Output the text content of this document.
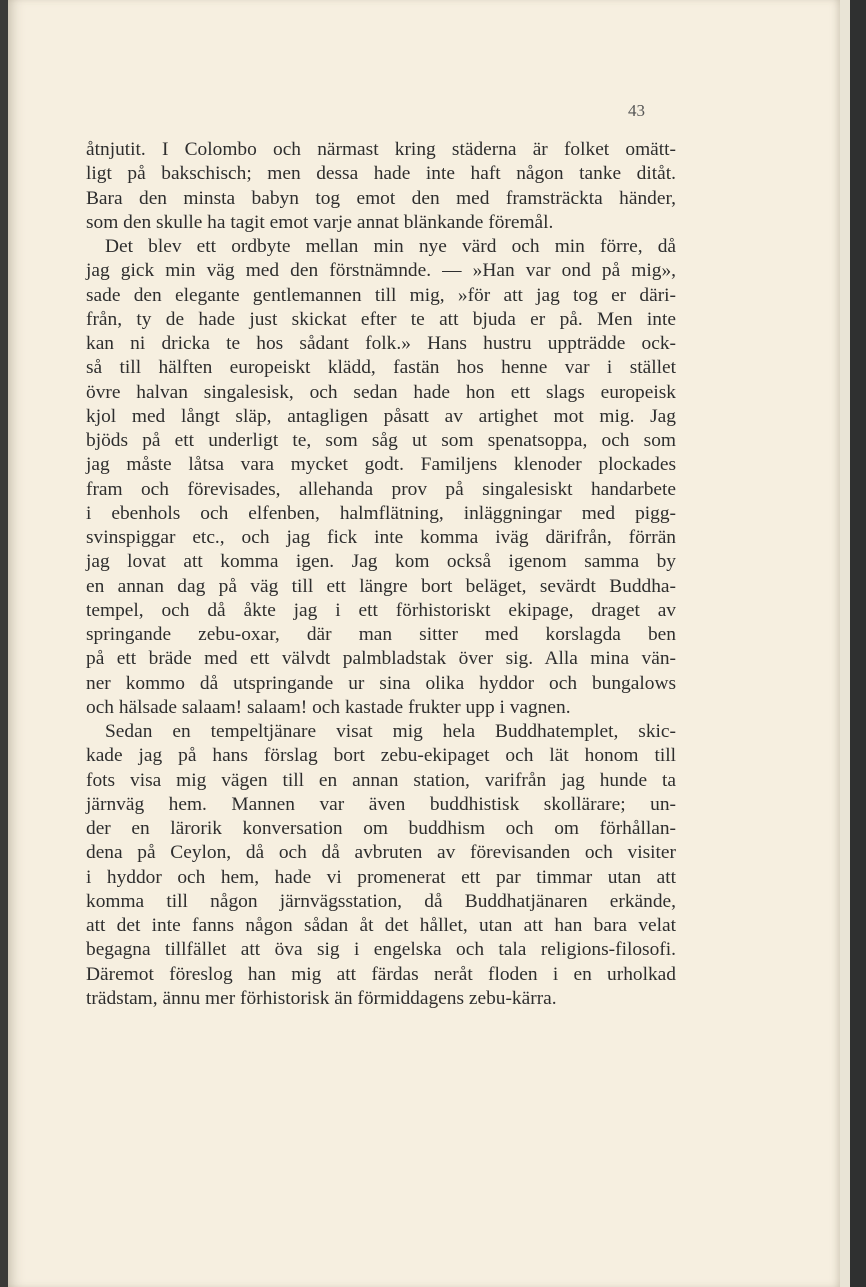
43
åtnjutit. I Colombo och närmast kring städerna är folket omätt-
ligt på bakschisch; men dessa hade inte haft någon tanke ditåt.
Bara den minsta babyn tog emot den med framsträckta händer,
som den skulle ha tagit emot varje annat blänkande föremål.
Det blev ett ordbyte mellan min nye värd och min förre, då
jag gick min väg med den förstnämnde. — »Han var ond på mig»,
sade den elegante gentlemannen till mig, »för att jag tog er däri-
från, ty de hade just skickat efter te att bjuda er på. Men inte
kan ni dricka te hos sådant folk.» Hans hustru uppträdde ock-
så till hälften europeiskt klädd, fastän hos henne var i stället
övre halvan singalesisk, och sedan hade hon ett slags europeisk
kjol med långt släp, antagligen påsatt av artighet mot mig. Jag
bjöds på ett underligt te, som såg ut som spenatsoppa, och som
jag måste låtsa vara mycket godt. Familjens klenoder plockades
fram och förevisades, allehanda prov på singalesiskt handarbete
i ebenhols och elfenben, halmflätning, inläggningar med pigg-
svinspiggar etc., och jag fick inte komma iväg därifrån, förrän
jag lovat att komma igen. Jag kom också igenom samma by
en annan dag på väg till ett längre bort beläget, sevärdt Buddha-
tempel, och då åkte jag i ett förhistoriskt ekipage, draget av
springande zebu-oxar, där man sitter med korslagda ben
på ett bräde med ett välvdt palmbladstak över sig. Alla mina vän-
ner kommo då utspringande ur sina olika hyddor och bungalows
och hälsade salaam! salaam! och kastade frukter upp i vagnen.
Sedan en tempeltjänare visat mig hela Buddhatemplet, skic-
kade jag på hans förslag bort zebu-ekipaget och lät honom till
fots visa mig vägen till en annan station, varifrån jag hunde ta
järnväg hem. Mannen var även buddhistisk skollärare; un-
der en lärorik konversation om buddhism och om förhållan-
dena på Ceylon, då och då avbruten av förevisanden och visiter
i hyddor och hem, hade vi promenerat ett par timmar utan att
komma till någon järnvägsstation, då Buddhatjänaren erkände,
att det inte fanns någon sådan åt det hållet, utan att han bara velat
begagna tillfället att öva sig i engelska och tala religions-filosofi.
Däremot föreslog han mig att färdas neråt floden i en urholkad
trädstam, ännu mer förhistorisk än förmiddagens zebu-kärra.
